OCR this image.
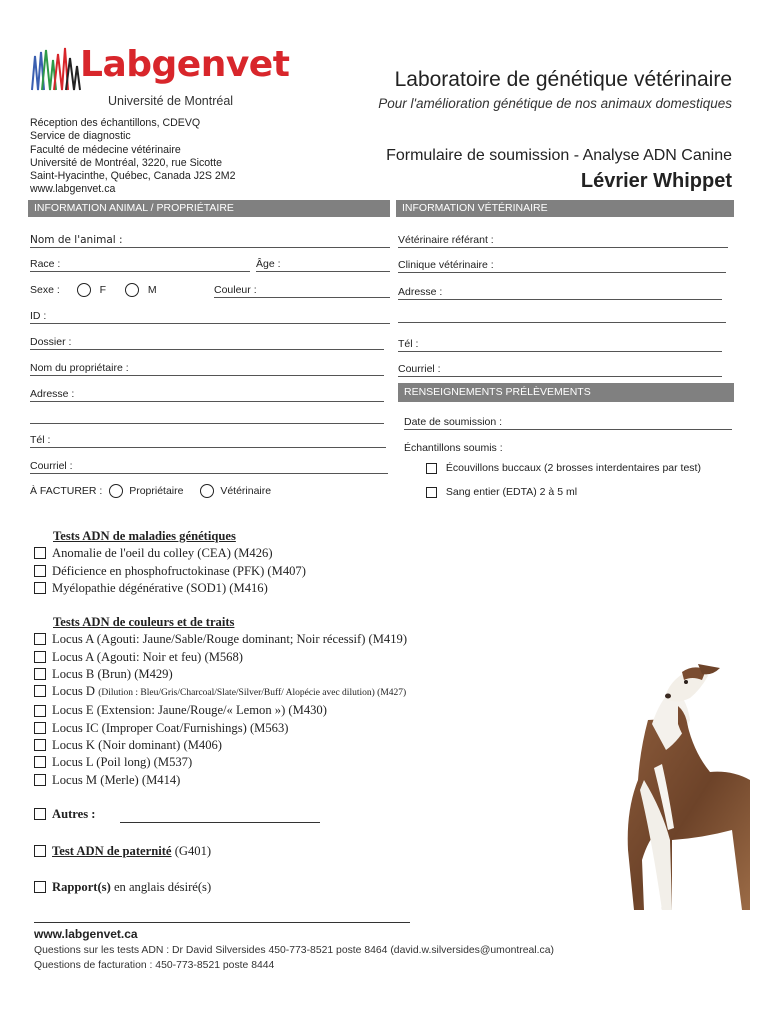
Labgenvet
Université de Montréal
Laboratoire de génétique vétérinaire
Pour l'amélioration génétique de nos animaux domestiques
Réception des échantillons, CDEVQ
Service de diagnostic
Faculté de médecine vétérinaire
Université de Montréal, 3220, rue Sicotte
Saint-Hyacinthe, Québec, Canada J2S 2M2
www.labgenvet.ca
Formulaire de soumission - Analyse ADN Canine
Lévrier Whippet
INFORMATION ANIMAL / PROPRIÉTAIRE	INFORMATION VÉTÉRINAIRE
Nom de l'animal :
Race :	Âge :
Sexe :	F	M	Couleur :
ID :
Dossier :
Nom du propriétaire :
Adresse :
Tél :
Courriel :
À FACTURER :	Propriétaire	Vétérinaire
Vétérinaire référant :
Clinique vétérinaire :
Adresse :
Tél :
Courriel :
RENSEIGNEMENTS PRÉLÈVEMENTS
Date de soumission :
Échantillons soumis :
Écouvillons buccaux (2 brosses interdentaires par test)
Sang entier (EDTA) 2 à 5 ml
Tests ADN de maladies génétiques
Anomalie de l'oeil du colley (CEA) (M426)
Déficience en phosphofructokinase (PFK) (M407)
Myélopathie dégénérative (SOD1) (M416)
Tests ADN de couleurs et de traits
Locus A (Agouti: Jaune/Sable/Rouge dominant; Noir récessif) (M419)
Locus A (Agouti: Noir et feu) (M568)
Locus B (Brun) (M429)
Locus D (Dilution : Bleu/Gris/Charcoal/Slate/Silver/Buff/ Alopécie avec dilution) (M427)
Locus E (Extension: Jaune/Rouge/« Lemon ») (M430)
Locus IC (Improper Coat/Furnishings) (M563)
Locus K (Noir dominant) (M406)
Locus L (Poil long) (M537)
Locus M (Merle) (M414)
Autres :
Test ADN de paternité (G401)
Rapport(s) en anglais désiré(s)
www.labgenvet.ca
Questions sur les tests ADN : Dr David Silversides 450-773-8521 poste 8464 (david.w.silversides@umontreal.ca)
Questions de facturation : 450-773-8521 poste 8444
